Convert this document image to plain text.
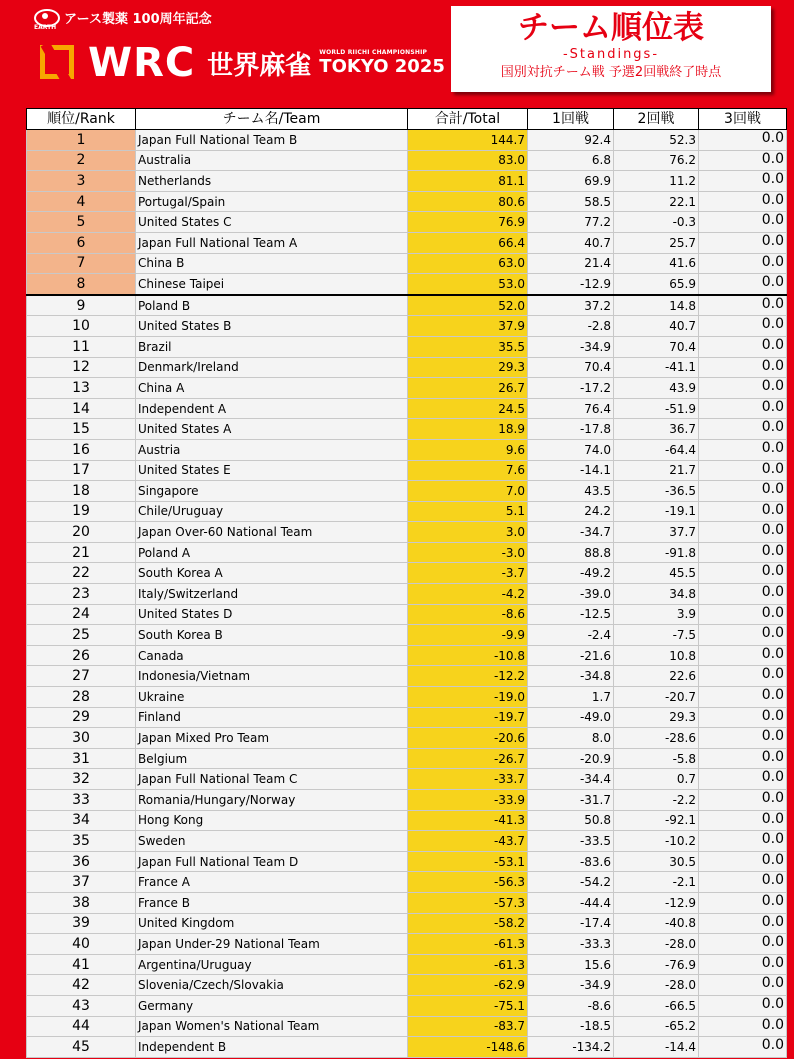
アース製薬 100周年記念
EARTH
WRC 世界麻雀 WORLD RIICHI CHAMPIONSHIP
TOKYO 2025
チーム順位表
-Standings-
国別対抗チーム戦 予選2回戦終了時点
順位/Rank	チーム名/Team	合計/Total	1回戦	2回戦	3回戦
1	Japan Full National Team B	144.7	92.4	52.3	0.0
2	Australia	83.0	6.8	76.2	0.0
3	Netherlands	81.1	69.9	11.2	0.0
4	Portugal/Spain	80.6	58.5	22.1	0.0
5	United States C	76.9	77.2	-0.3	0.0
6	Japan Full National Team A	66.4	40.7	25.7	0.0
7	China B	63.0	21.4	41.6	0.0
8	Chinese Taipei	53.0	-12.9	65.9	0.0
9	Poland B	52.0	37.2	14.8	0.0
10	United States B	37.9	-2.8	40.7	0.0
11	Brazil	35.5	-34.9	70.4	0.0
12	Denmark/Ireland	29.3	70.4	-41.1	0.0
13	China A	26.7	-17.2	43.9	0.0
14	Independent A	24.5	76.4	-51.9	0.0
15	United States A	18.9	-17.8	36.7	0.0
16	Austria	9.6	74.0	-64.4	0.0
17	United States E	7.6	-14.1	21.7	0.0
18	Singapore	7.0	43.5	-36.5	0.0
19	Chile/Uruguay	5.1	24.2	-19.1	0.0
20	Japan Over-60 National Team	3.0	-34.7	37.7	0.0
21	Poland A	-3.0	88.8	-91.8	0.0
22	South Korea A	-3.7	-49.2	45.5	0.0
23	Italy/Switzerland	-4.2	-39.0	34.8	0.0
24	United States D	-8.6	-12.5	3.9	0.0
25	South Korea B	-9.9	-2.4	-7.5	0.0
26	Canada	-10.8	-21.6	10.8	0.0
27	Indonesia/Vietnam	-12.2	-34.8	22.6	0.0
28	Ukraine	-19.0	1.7	-20.7	0.0
29	Finland	-19.7	-49.0	29.3	0.0
30	Japan Mixed Pro Team	-20.6	8.0	-28.6	0.0
31	Belgium	-26.7	-20.9	-5.8	0.0
32	Japan Full National Team C	-33.7	-34.4	0.7	0.0
33	Romania/Hungary/Norway	-33.9	-31.7	-2.2	0.0
34	Hong Kong	-41.3	50.8	-92.1	0.0
35	Sweden	-43.7	-33.5	-10.2	0.0
36	Japan Full National Team D	-53.1	-83.6	30.5	0.0
37	France A	-56.3	-54.2	-2.1	0.0
38	France B	-57.3	-44.4	-12.9	0.0
39	United Kingdom	-58.2	-17.4	-40.8	0.0
40	Japan Under-29 National Team	-61.3	-33.3	-28.0	0.0
41	Argentina/Uruguay	-61.3	15.6	-76.9	0.0
42	Slovenia/Czech/Slovakia	-62.9	-34.9	-28.0	0.0
43	Germany	-75.1	-8.6	-66.5	0.0
44	Japan Women's National Team	-83.7	-18.5	-65.2	0.0
45	Independent B	-148.6	-134.2	-14.4	0.0
